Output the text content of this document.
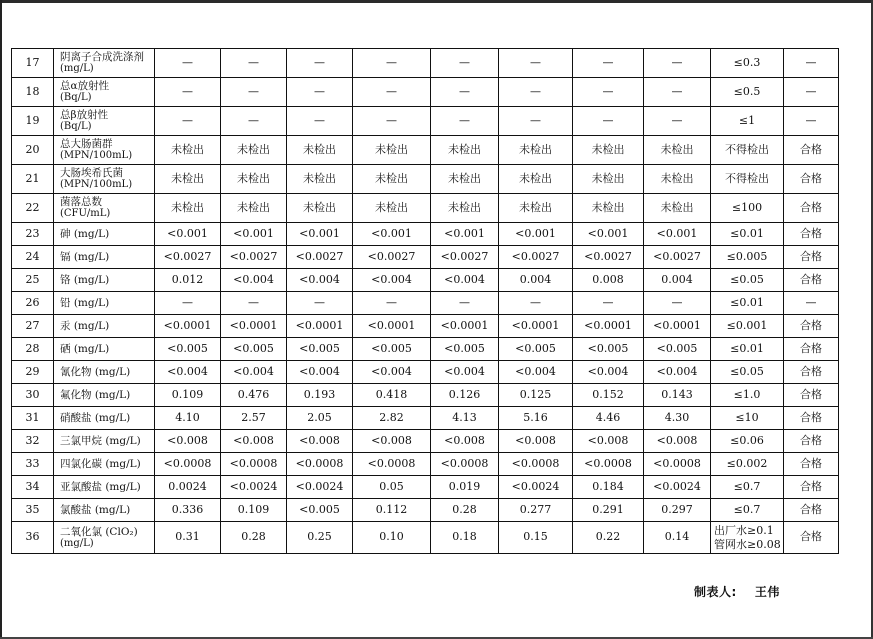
17	阴离子合成洗涤剂
(mg/L)	—	—	—	—	—	—	—	—	≤0.3	—
18	总α放射性
(Bq/L)	—	—	—	—	—	—	—	—	≤0.5	—
19	总β放射性
(Bq/L)	—	—	—	—	—	—	—	—	≤1	—
20	总大肠菌群
(MPN/100mL)	未检出	未检出	未检出	未检出	未检出	未检出	未检出	未检出	不得检出	合格
21	大肠埃希氏菌
(MPN/100mL)	未检出	未检出	未检出	未检出	未检出	未检出	未检出	未检出	不得检出	合格
22	菌落总数
(CFU/mL)	未检出	未检出	未检出	未检出	未检出	未检出	未检出	未检出	≤100	合格
23	砷 (mg/L)	<0.001	<0.001	<0.001	<0.001	<0.001	<0.001	<0.001	<0.001	≤0.01	合格
24	镉 (mg/L)	<0.0027	<0.0027	<0.0027	<0.0027	<0.0027	<0.0027	<0.0027	<0.0027	≤0.005	合格
25	铬 (mg/L)	0.012	<0.004	<0.004	<0.004	<0.004	0.004	0.008	0.004	≤0.05	合格
26	铅 (mg/L)	—	—	—	—	—	—	—	—	≤0.01	—
27	汞 (mg/L)	<0.0001	<0.0001	<0.0001	<0.0001	<0.0001	<0.0001	<0.0001	<0.0001	≤0.001	合格
28	硒 (mg/L)	<0.005	<0.005	<0.005	<0.005	<0.005	<0.005	<0.005	<0.005	≤0.01	合格
29	氰化物 (mg/L)	<0.004	<0.004	<0.004	<0.004	<0.004	<0.004	<0.004	<0.004	≤0.05	合格
30	氟化物 (mg/L)	0.109	0.476	0.193	0.418	0.126	0.125	0.152	0.143	≤1.0	合格
31	硝酸盐 (mg/L)	4.10	2.57	2.05	2.82	4.13	5.16	4.46	4.30	≤10	合格
32	三氯甲烷 (mg/L)	<0.008	<0.008	<0.008	<0.008	<0.008	<0.008	<0.008	<0.008	≤0.06	合格
33	四氯化碳 (mg/L)	<0.0008	<0.0008	<0.0008	<0.0008	<0.0008	<0.0008	<0.0008	<0.0008	≤0.002	合格
34	亚氯酸盐 (mg/L)	0.0024	<0.0024	<0.0024	0.05	0.019	<0.0024	0.184	<0.0024	≤0.7	合格
35	氯酸盐 (mg/L)	0.336	0.109	<0.005	0.112	0.28	0.277	0.291	0.297	≤0.7	合格
36	二氧化氯 (ClO₂)
(mg/L)	0.31	0.28	0.25	0.10	0.18	0.15	0.22	0.14	出厂水≥0.1
管网水≥0.08	合格
制表人: 王伟
